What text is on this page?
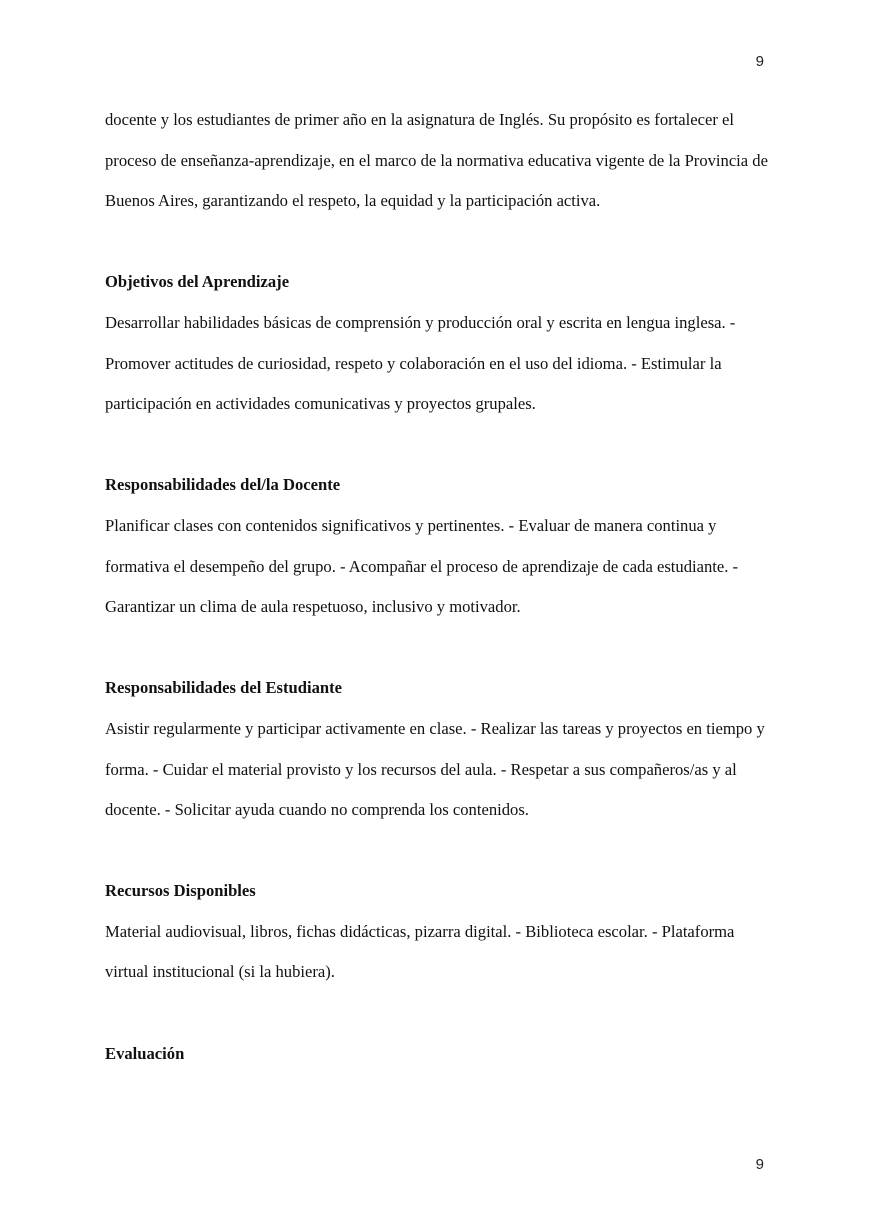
9

docente y los estudiantes de primer año en la asignatura de Inglés. Su propósito es fortalecer el proceso de enseñanza-aprendizaje, en el marco de la normativa educativa vigente de la Provincia de Buenos Aires, garantizando el respeto, la equidad y la participación activa.

Objetivos del Aprendizaje

Desarrollar habilidades básicas de comprensión y producción oral y escrita en lengua inglesa. - Promover actitudes de curiosidad, respeto y colaboración en el uso del idioma. - Estimular la participación en actividades comunicativas y proyectos grupales.

Responsabilidades del/la Docente

Planificar clases con contenidos significativos y pertinentes. - Evaluar de manera continua y formativa el desempeño del grupo. - Acompañar el proceso de aprendizaje de cada estudiante. - Garantizar un clima de aula respetuoso, inclusivo y motivador.

Responsabilidades del Estudiante

Asistir regularmente y participar activamente en clase. - Realizar las tareas y proyectos en tiempo y forma. - Cuidar el material provisto y los recursos del aula. - Respetar a sus compañeros/as y al docente. - Solicitar ayuda cuando no comprenda los contenidos.

Recursos Disponibles

Material audiovisual, libros, fichas didácticas, pizarra digital. - Biblioteca escolar. - Plataforma virtual institucional (si la hubiera).

Evaluación
9
